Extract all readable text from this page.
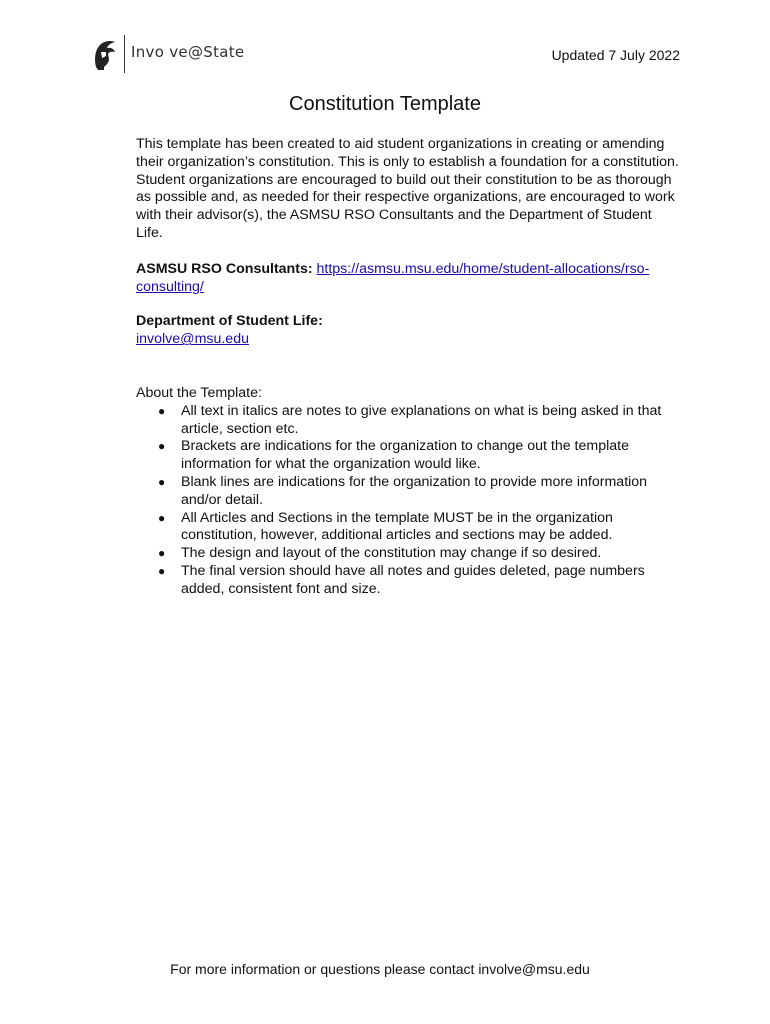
Invo ve@State	Updated 7 July 2022
Constitution Template

This template has been created to aid student organizations in creating or amending their organization’s constitution. This is only to establish a foundation for a constitution. Student organizations are encouraged to build out their constitution to be as thorough as possible and, as needed for their respective organizations, are encouraged to work with their advisor(s), the ASMSU RSO Consultants and the Department of Student Life.

ASMSU RSO Consultants: https://asmsu.msu.edu/home/student-allocations/rso-consulting/

Department of Student Life:
involve@msu.edu

About the Template:

● All text in italics are notes to give explanations on what is being asked in that article, section etc.
● Brackets are indications for the organization to change out the template information for what the organization would like.
● Blank lines are indications for the organization to provide more information and/or detail.
● All Articles and Sections in the template MUST be in the organization constitution, however, additional articles and sections may be added.
● The design and layout of the constitution may change if so desired.
● The final version should have all notes and guides deleted, page numbers added, consistent font and size.
For more information or questions please contact involve@msu.edu
